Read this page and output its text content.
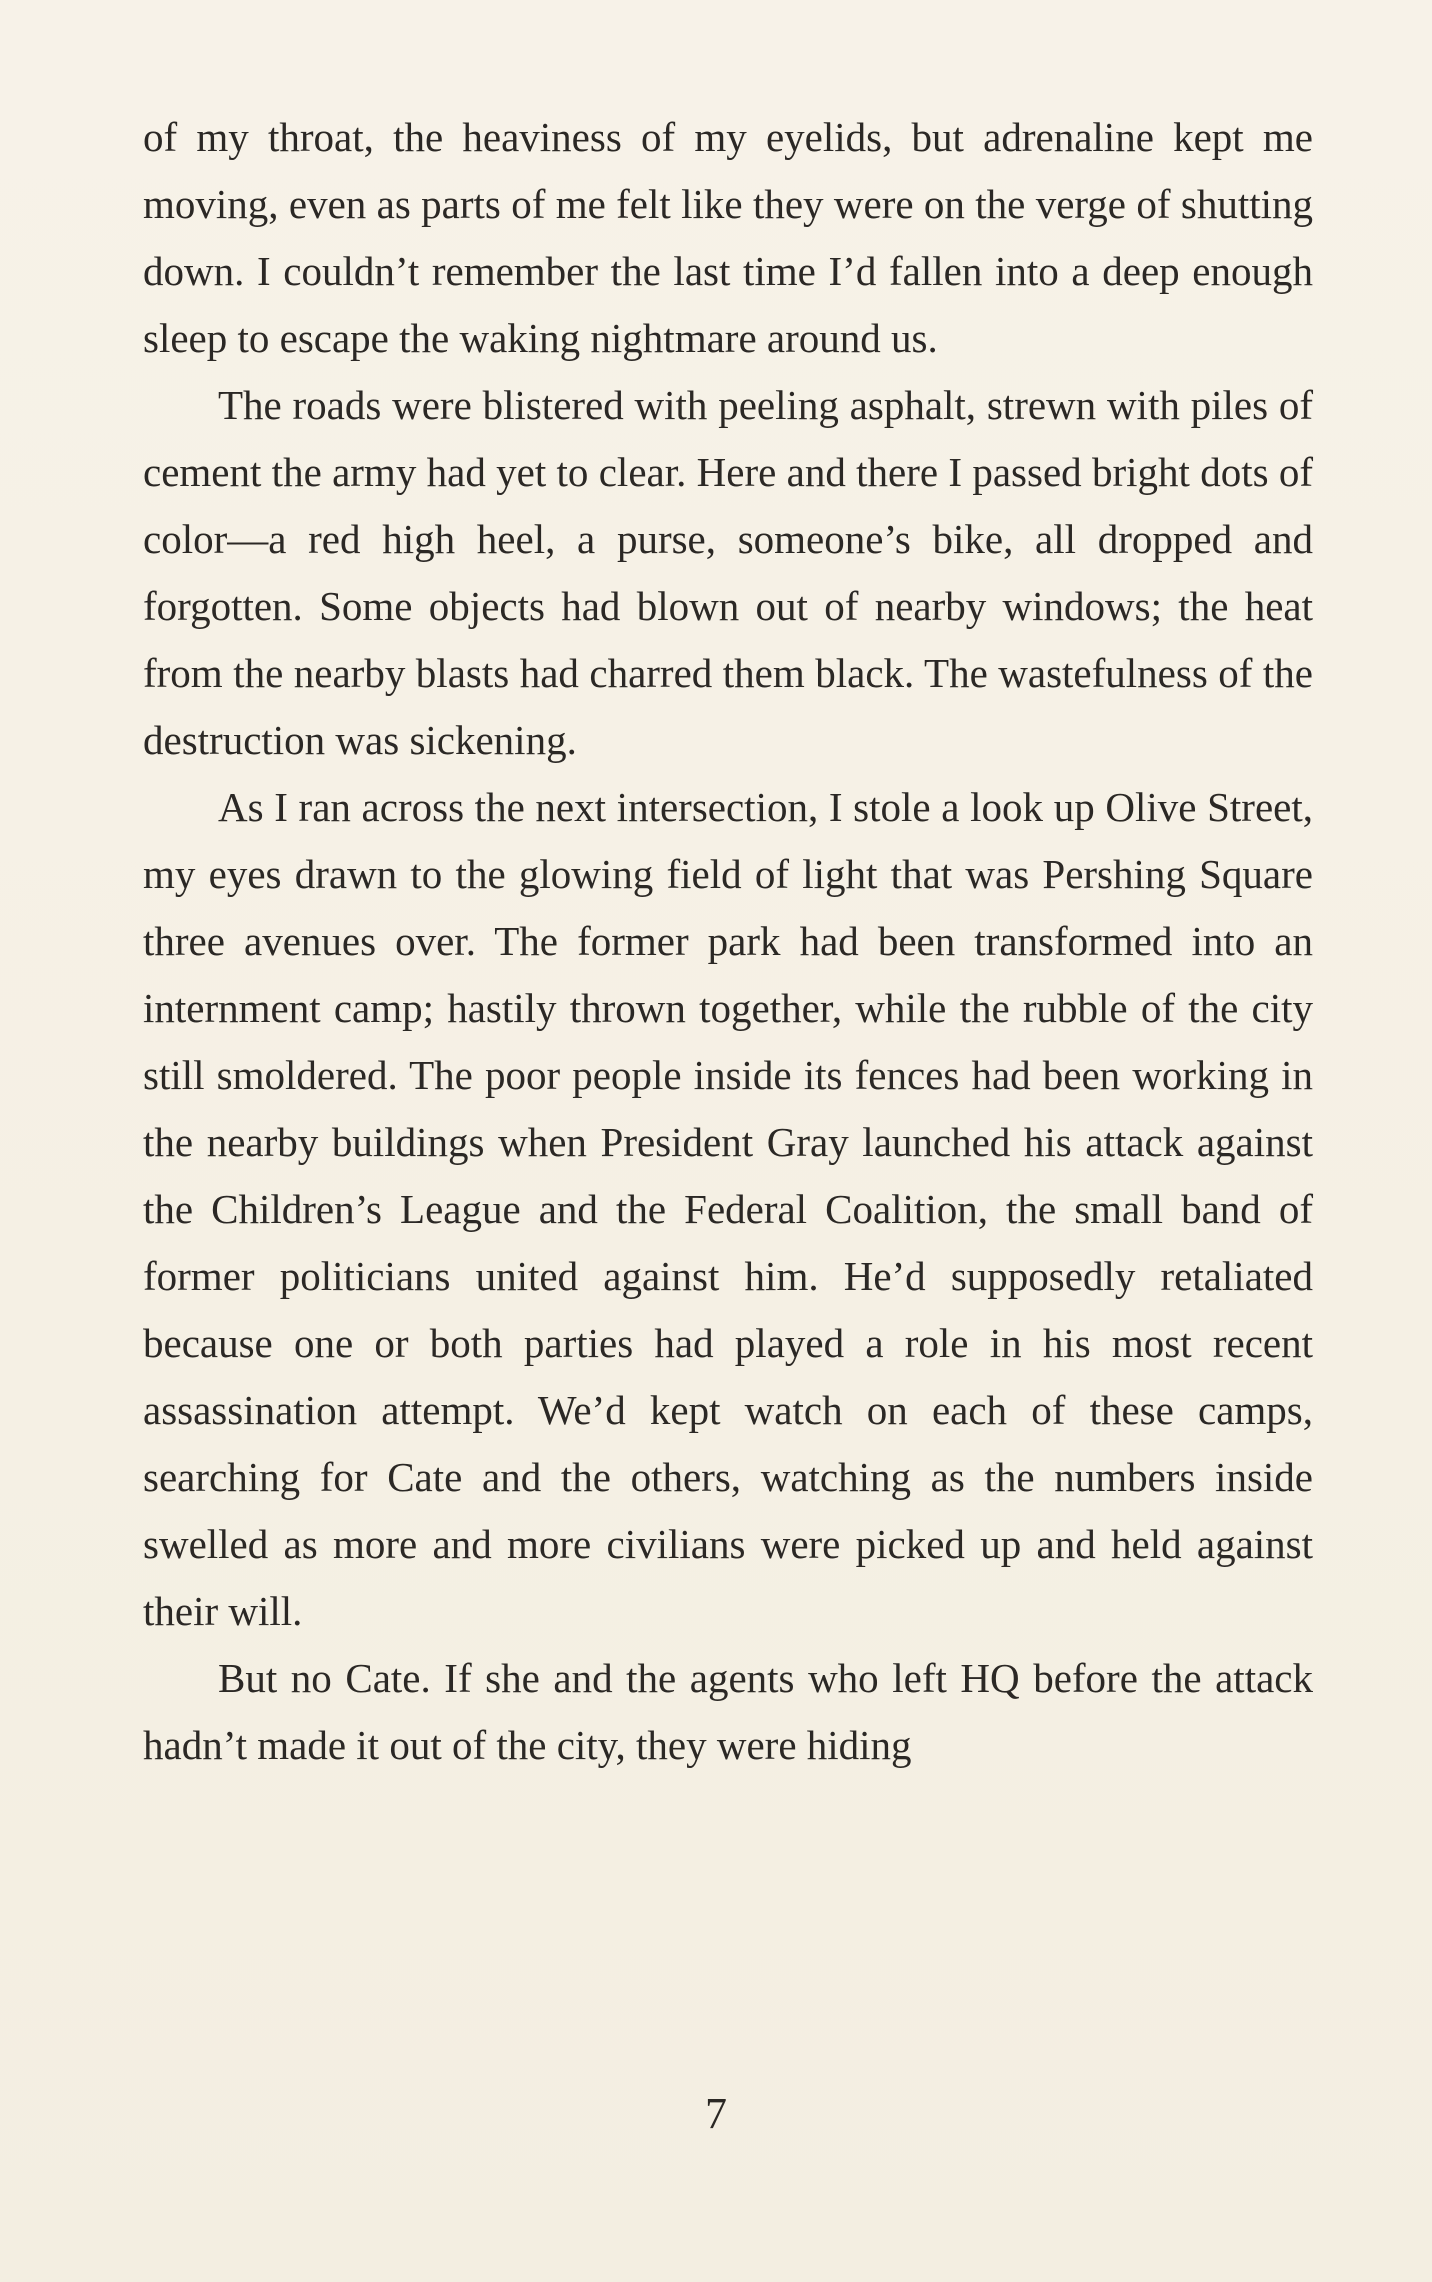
of my throat, the heaviness of my eyelids, but adrenaline kept me moving, even as parts of me felt like they were on the verge of shutting down. I couldn’t remember the last time I’d fallen into a deep enough sleep to escape the waking nightmare around us.

The roads were blistered with peeling asphalt, strewn with piles of cement the army had yet to clear. Here and there I passed bright dots of color—a red high heel, a purse, someone’s bike, all dropped and forgotten. Some objects had blown out of nearby windows; the heat from the nearby blasts had charred them black. The wastefulness of the destruction was sickening.

As I ran across the next intersection, I stole a look up Olive Street, my eyes drawn to the glowing field of light that was Pershing Square three avenues over. The former park had been transformed into an internment camp; hastily thrown together, while the rubble of the city still smoldered. The poor people inside its fences had been working in the nearby buildings when President Gray launched his attack against the Children’s League and the Federal Coalition, the small band of former politicians united against him. He’d supposedly retaliated because one or both parties had played a role in his most recent assassination attempt. We’d kept watch on each of these camps, searching for Cate and the others, watching as the numbers inside swelled as more and more civilians were picked up and held against their will.

But no Cate. If she and the agents who left HQ before the attack hadn’t made it out of the city, they were hiding

7
